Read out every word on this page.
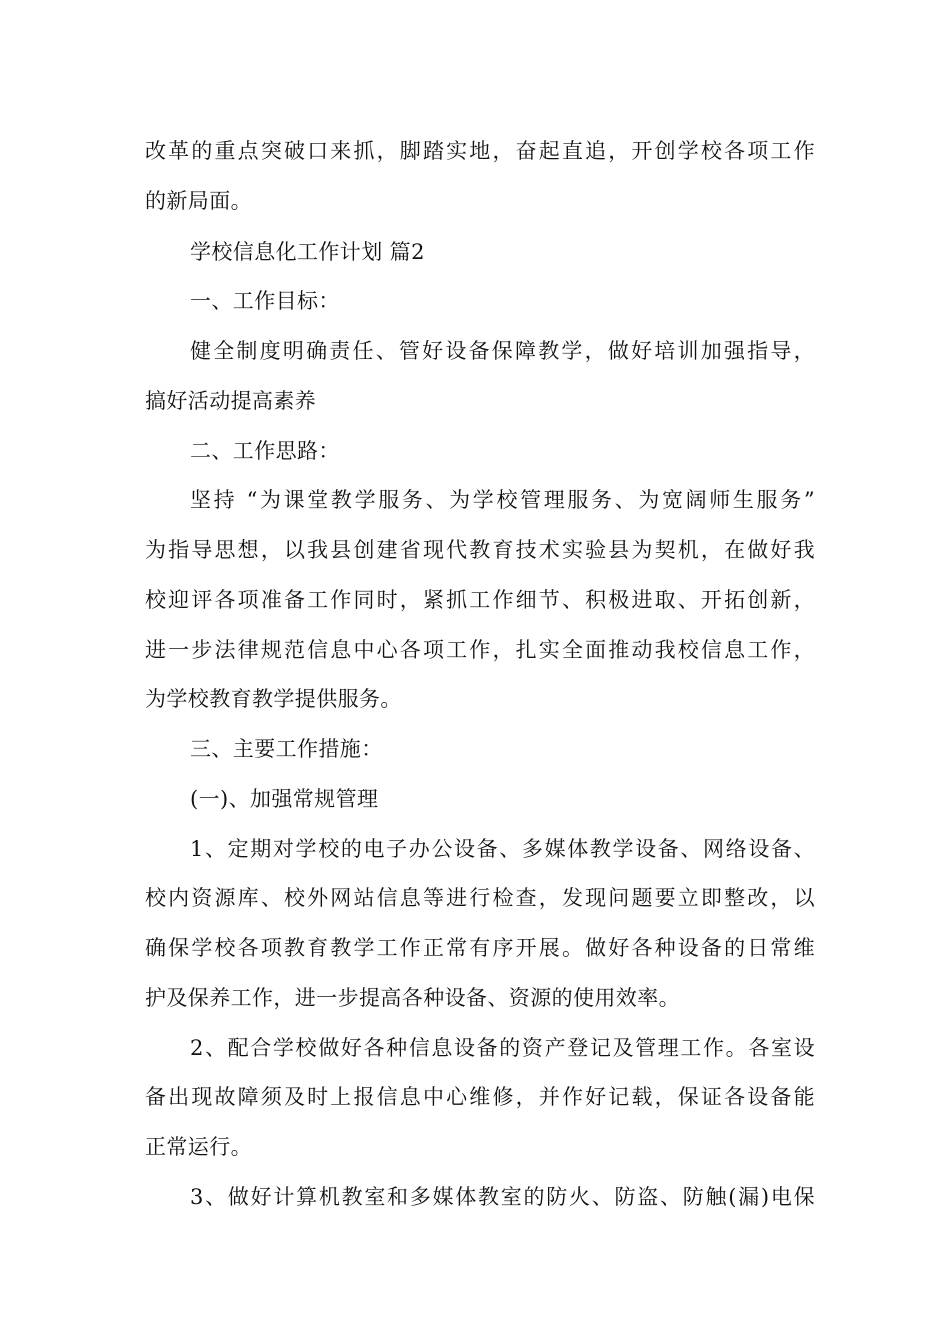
改革的重点突破口来抓，脚踏实地，奋起直追，开创学校各项工作
的新局面。
学校信息化工作计划 篇2
一、工作目标：
健全制度明确责任、管好设备保障教学，做好培训加强指导，
搞好活动提高素养
二、工作思路：
坚持 “为课堂教学服务、为学校管理服务、为宽阔师生服务”
为指导思想，以我县创建省现代教育技术实验县为契机，在做好我
校迎评各项准备工作同时，紧抓工作细节、积极进取、开拓创新，
进一步法律规范信息中心各项工作，扎实全面推动我校信息工作，
为学校教育教学提供服务。
三、主要工作措施：
(一)、加强常规管理
1、定期对学校的电子办公设备、多媒体教学设备、网络设备、
校内资源库、校外网站信息等进行检查，发现问题要立即整改，以
确保学校各项教育教学工作正常有序开展。做好各种设备的日常维
护及保养工作，进一步提高各种设备、资源的使用效率。
2、配合学校做好各种信息设备的资产登记及管理工作。各室设
备出现故障须及时上报信息中心维修，并作好记载，保证各设备能
正常运行。
3、做好计算机教室和多媒体教室的防火、防盗、防触(漏)电保
